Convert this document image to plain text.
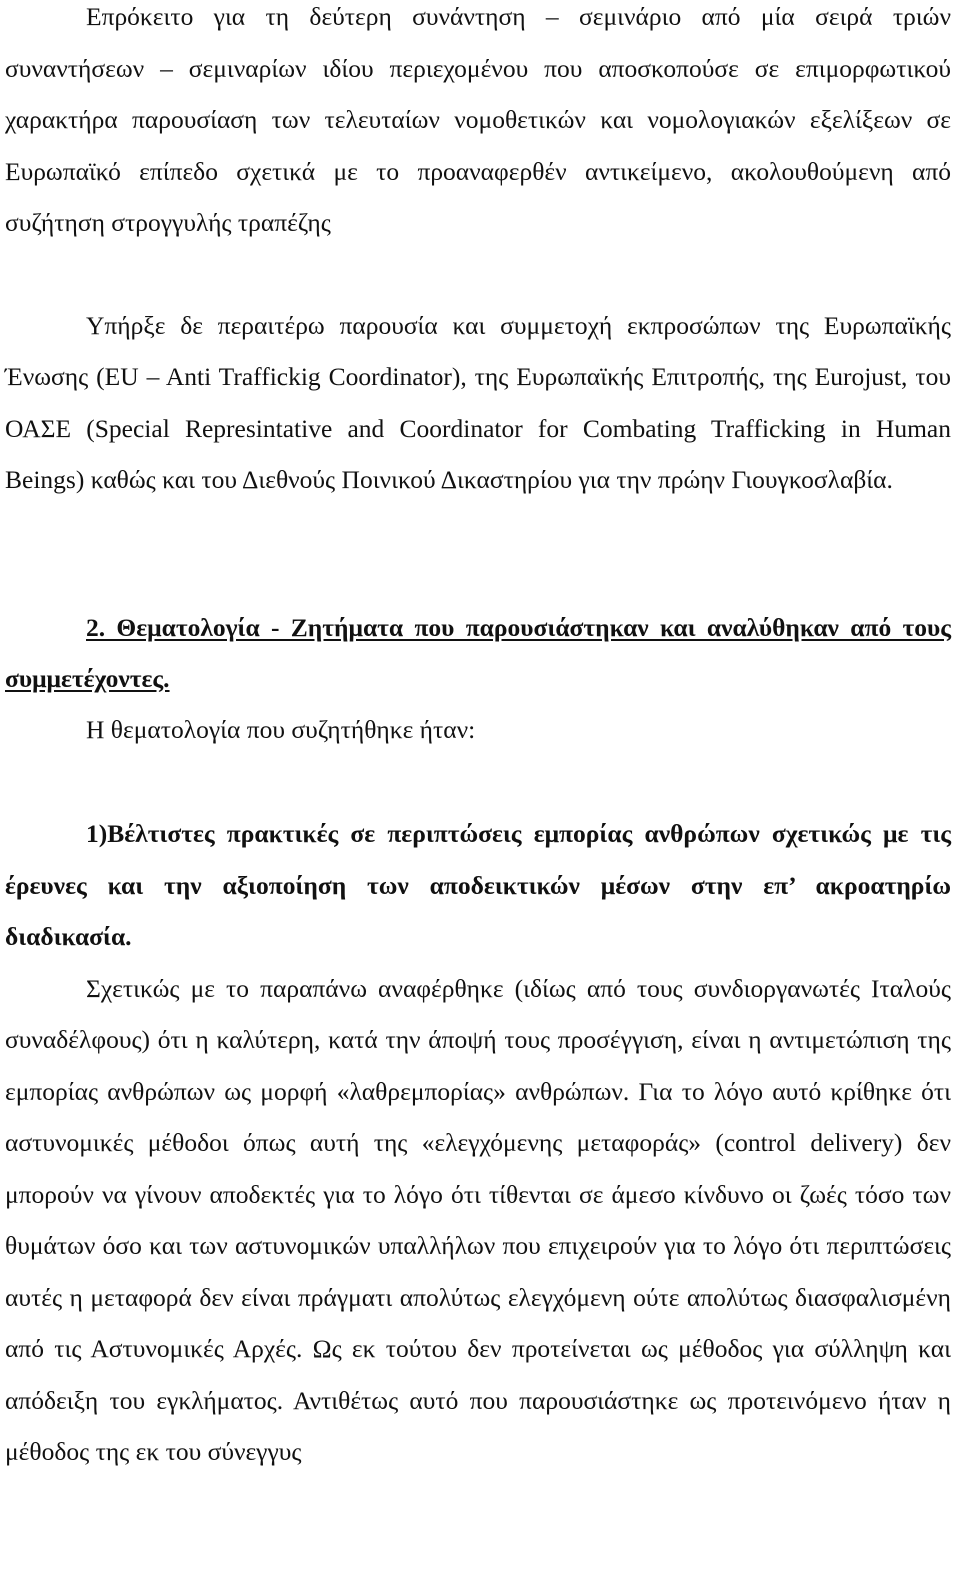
Επρόκειτο για τη δεύτερη συνάντηση – σεμινάριο από μία σειρά τριών συναντήσεων – σεμιναρίων ιδίου περιεχομένου που αποσκοπούσε σε επιμορφωτικού χαρακτήρα παρουσίαση των τελευταίων νομοθετικών και νομολογιακών εξελίξεων σε Ευρωπαϊκό επίπεδο σχετικά με το προαναφερθέν αντικείμενο, ακολουθούμενη από συζήτηση στρογγυλής τραπέζης

Υπήρξε δε περαιτέρω παρουσία και συμμετοχή εκπροσώπων της Ευρωπαϊκής Ένωσης (EU – Anti Traffickig Coordinator), της Ευρωπαϊκής Επιτροπής, της Eurojust, του ΟΑΣΕ (Special Represintative and Coordinator for Combating Trafficking in Human Beings) καθώς και του Διεθνούς Ποινικού Δικαστηρίου για την πρώην Γιουγκοσλαβία.

2. Θεματολογία - Ζητήματα που παρουσιάστηκαν και αναλύθηκαν από τους συμμετέχοντες.

Η θεματολογία που συζητήθηκε ήταν:

1)Βέλτιστες πρακτικές σε περιπτώσεις εμπορίας ανθρώπων σχετικώς με τις έρευνες και την αξιοποίηση των αποδεικτικών μέσων στην επ’ ακροατηρίω διαδικασία.

Σχετικώς με το παραπάνω αναφέρθηκε (ιδίως από τους συνδιοργανωτές Ιταλούς συναδέλφους) ότι η καλύτερη, κατά την άποψή τους προσέγγιση, είναι η αντιμετώπιση της εμπορίας ανθρώπων ως μορφή «λαθρεμπορίας» ανθρώπων. Για το λόγο αυτό κρίθηκε ότι αστυνομικές μέθοδοι όπως αυτή της «ελεγχόμενης μεταφοράς» (control delivery) δεν μπορούν να γίνουν αποδεκτές για το λόγο ότι τίθενται σε άμεσο κίνδυνο οι ζωές τόσο των θυμάτων όσο και των αστυνομικών υπαλλήλων που επιχειρούν για το λόγο ότι περιπτώσεις αυτές η μεταφορά δεν είναι πράγματι απολύτως ελεγχόμενη ούτε απολύτως διασφαλισμένη από τις Αστυνομικές Αρχές. Ως εκ τούτου δεν προτείνεται ως μέθοδος για σύλληψη και απόδειξη του εγκλήματος. Αντιθέτως αυτό που παρουσιάστηκε ως προτεινόμενο ήταν η μέθοδος της εκ του σύνεγγυς
